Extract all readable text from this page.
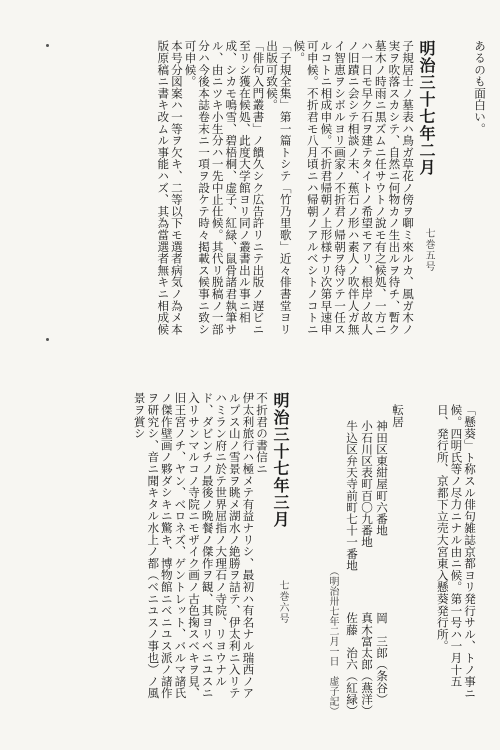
あるのも面白い。
明治三十七年二月
七巻五号
子規居士ノ墓表ハ鳥ガ草花ノ傍ヲ啣ミ來ルカ、風ガ木ノ実ヲ吹落スカシテ、自然ニ何物カノ生出ルヲ待チ、暫ク墓木ノ時雨ニ黒ズムニ任サウトノ說モ有之候処、一方ニハ一日モ早ク石ヲ建テタイトノ希望モアリ、根岸ノ故人ノ旧蹟ニ会シテ相談ノ末、蕉石ノ形ハ素人ノ吹伴人ガ無イ智恵ヲシボルヨリ画家ノ不折君ノ帰朝ヲ待ツテ一任スルコトニ相成申候。不折君帰朝ノ上形様ナリ次第早速申可申候。不折君モ八月頃ニハ帰朝ノアルベシトノコトニ候。
「子規全集」第一篇トシテ「竹乃里歌」近々俳書堂ヨリ出版可致候。
「俳句入門叢書」ノ饋久シク広告許リニテ出版ノ遅ビニ至リシ獲在候処、此度大学館ヨリ同ノ叢書出ル事ニ相成、シカモ鳴雪、碧梧桐、虚子、紅緑、鼠骨諸君執筆サル、由ニツキ小生分ハ一先中止仕候。其代リ脱稿ノ一部分ハ今後本誌卷末ニ一項ヲ設ケテ時々掲載ス候事ニ致シ可申候。
本号分図案ハ一等ヲ欠キ、二等以下モ選者病気ノ為メ本版原稿ニ書キ改ムル事能ハズ、其為當選者無キニ相成候
「懸葵」ト称スル俳句雑誌京都ヨリ発行サル、トノ事ニ候。四明氏等ノ尽力ニナル由ニ候。第一号ハ一月十五日、発行所、京都下立売大宮東入懸葵発行所。
転居
神田区東紺屋町六番地
岡　三郎（条谷）
小石川区表町百〇九番地
真木富太郎（燕洋）
牛込区弁天寺前町七十一番地
佐藤　治六（紅緑）
（明治卅七年二月一日　虚子記）
明治三十七年三月
七巻六号
不折君の書信ニ
伊太利旅行ハ極メテ有益ナリシ、最初ハ有名ナル瑞西ノアルプス山ノ雪景ヲ眺メ湖水ノ絶勝ヲ詰テ、伊太利ニ入リテハミラン府ニ於テ世界屈指ノ大理石ノ寺院、リヨウナルド、ダビンチノ最後ノ晩餐ノ傑作ヲ観、其ヨリベニユスニ入リサンマルコノ寺院ニモザイク画ノ古色掬スベキヲ見、旧王宮ノチ、ヤン、ベロネズ、ゲントレット、バルマ諸氏ノ傑作壁画ノ夥ダシキニ驚キ、博物館ニベニユス派ノ諸作ヲ研究シ、音ニ聞キタル水上ノ都（ベニユスノ事也）ノ風景ヲ賞シ
